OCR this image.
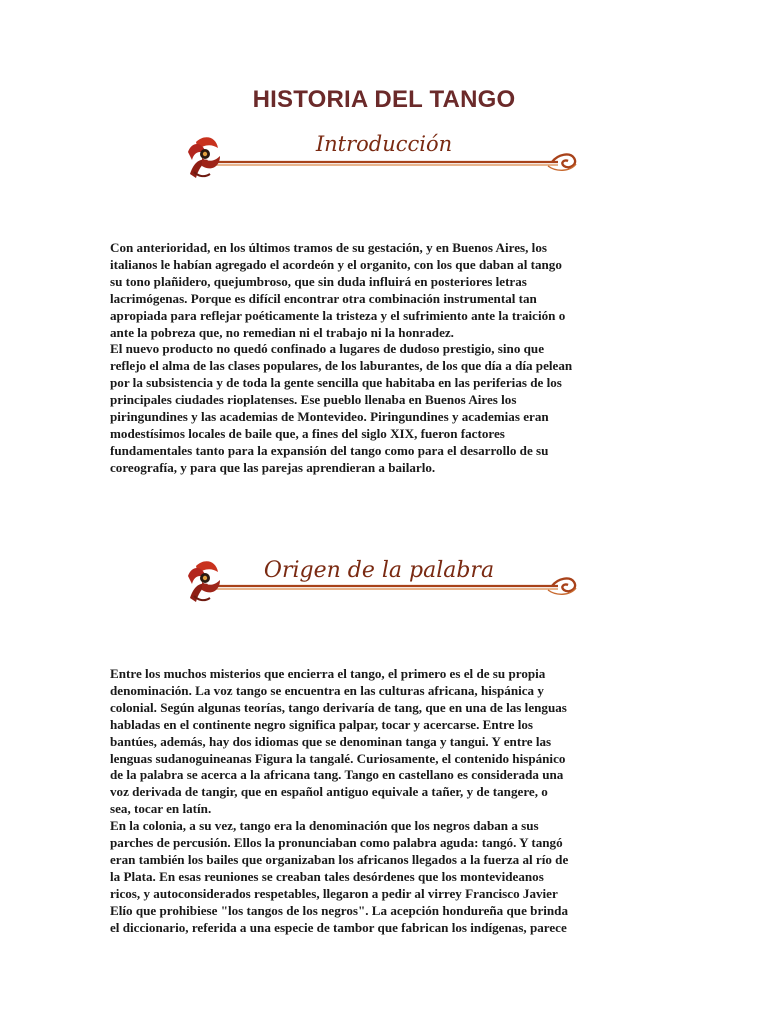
HISTORIA DEL TANGO
Introducción

Con anterioridad, en los últimos tramos de su gestación, y en Buenos Aires, los
italianos le habían agregado el acordeón y el organito, con los que daban al tango
su tono plañidero, quejumbroso, que sin duda influirá en posteriores letras
lacrimógenas. Porque es difícil encontrar otra combinación instrumental tan
apropiada para reflejar poéticamente la tristeza y el sufrimiento ante la traición o
ante la pobreza que, no remedian ni el trabajo ni la honradez.
El nuevo producto no quedó confinado a lugares de dudoso prestigio, sino que
reflejo el alma de las clases populares, de los laburantes, de los que día a día pelean
por la subsistencia y de toda la gente sencilla que habitaba en las periferias de los
principales ciudades rioplatenses. Ese pueblo llenaba en Buenos Aires los
piringundines y las academias de Montevideo. Piringundines y academias eran
modestísimos locales de baile que, a fines del siglo XIX, fueron factores
fundamentales tanto para la expansión del tango como para el desarrollo de su
coreografía, y para que las parejas aprendieran a bailarlo.

Origen de la palabra

Entre los muchos misterios que encierra el tango, el primero es el de su propia
denominación. La voz tango se encuentra en las culturas africana, hispánica y
colonial. Según algunas teorías, tango derivaría de tang, que en una de las lenguas
habladas en el continente negro significa palpar, tocar y acercarse. Entre los
bantúes, además, hay dos idiomas que se denominan tanga y tangui. Y entre las
lenguas sudanoguineanas Figura la tangalé. Curiosamente, el contenido hispánico
de la palabra se acerca a la africana tang. Tango en castellano es considerada una
voz derivada de tangir, que en español antiguo equivale a tañer, y de tangere, o
sea, tocar en latín.
En la colonia, a su vez, tango era la denominación que los negros daban a sus
parches de percusión. Ellos la pronunciaban como palabra aguda: tangó. Y tangó
eran también los bailes que organizaban los africanos llegados a la fuerza al río de
la Plata. En esas reuniones se creaban tales desórdenes que los montevideanos
ricos, y autoconsiderados respetables, llegaron a pedir al virrey Francisco Javier
Elío que prohibiese "los tangos de los negros". La acepción hondureña que brinda
el diccionario, referida a una especie de tambor que fabrican los indígenas, parece
